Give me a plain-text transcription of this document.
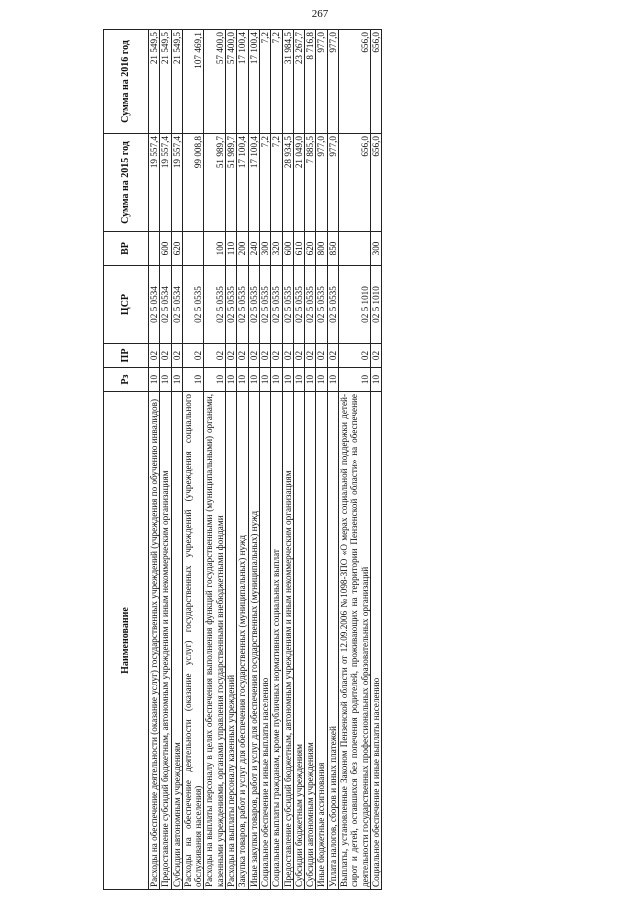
267
Наименование	Рз	ПР	ЦСР	ВР	Сумма на 2015 год	Сумма на 2016 год
Расходы на обеспечение деятельности (оказание услуг) государственных учреждений (учреждения по обучению инвалидов)	10	02	02 5 0534		19 557,4	21 549,5
Предоставление субсидий бюджетным, автономным учреждениям и иным некоммерческим организациям	10	02	02 5 0534	600	19 557,4	21 549,5
Субсидии автономным учреждениям	10	02	02 5 0534	620	19 557,4	21 549,5
Расходы на обеспечение деятельности (оказание услуг) государственных учреждений (учреждения социального обслуживания населения)	10	02	02 5 0535		99 008,8	107 469,1
Расходы на выплаты персоналу в целях обеспечения выполнения функций государственными (муниципальными) органами, казенными учреждениями, органами управления государственными внебюджетными фондами	10	02	02 5 0535	100	51 989,7	57 400,0
Расходы на выплаты персоналу казенных учреждений	10	02	02 5 0535	110	51 989,7	57 400,0
Закупка товаров, работ и услуг для обеспечения государственных (муниципальных) нужд	10	02	02 5 0535	200	17 100,4	17 100,4
Иные закупки товаров, работ и услуг для обеспечения государственных (муниципальных) нужд	10	02	02 5 0535	240	17 100,4	17 100,4
Социальное обеспечение и иные выплаты населению	10	02	02 5 0535	300	7,2	7,2
Социальные выплаты гражданам, кроме публичных нормативных социальных выплат	10	02	02 5 0535	320	7,2	7,2
Предоставление субсидий бюджетным, автономным учреждениям и иным некоммерческим организациям	10	02	02 5 0535	600	28 934,5	31 984,5
Субсидии бюджетным учреждениям	10	02	02 5 0535	610	21 049,0	23 267,7
Субсидии автономным учреждениям	10	02	02 5 0535	620	7 885,5	8 716,8
Иные бюджетные ассигнования	10	02	02 5 0535	800	977,0	977,0
Уплата налогов, сборов и иных платежей	10	02	02 5 0535	850	977,0	977,0
Выплаты, установленные Законом Пензенской области от 12.09.2006 №1098-ЗПО «О мерах социальной поддержки детей-сирот и детей, оставшихся без попечения родителей, проживающих на территории Пензенской области» на обеспечение деятельности государственных профессиональных образовательных организаций	10	02	02 5 1010		656,0	656,0
Социальное обеспечение и иные выплаты населению	10	02	02 5 1010	300	656,0	656,0
